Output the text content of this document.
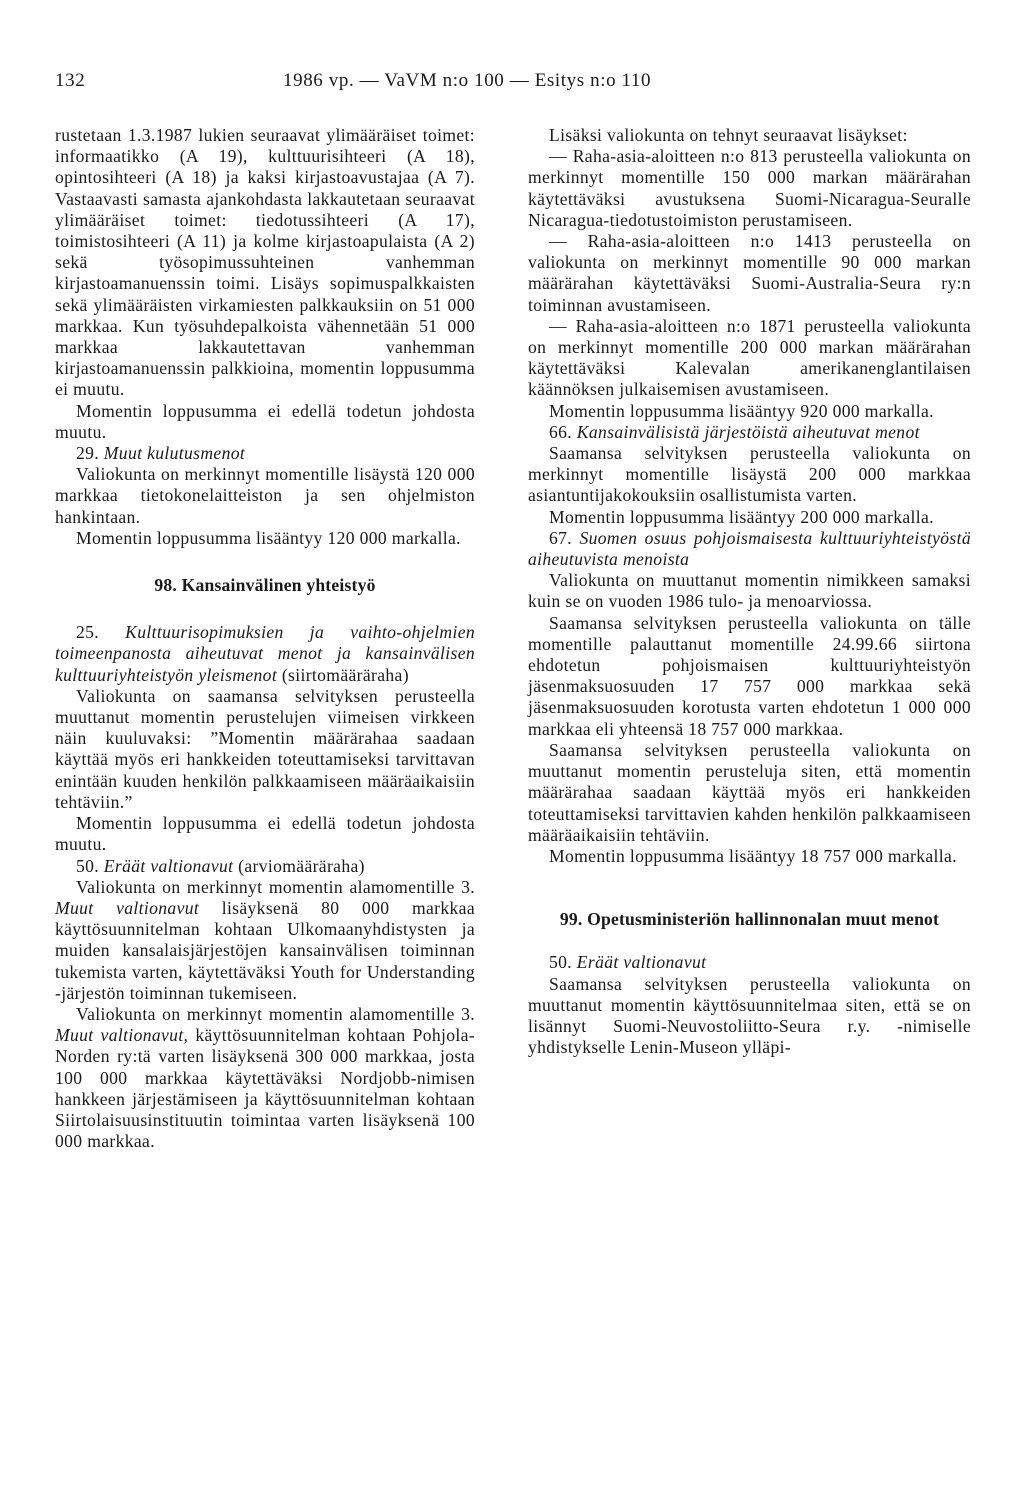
132	1986 vp. — VaVM n:o 100 — Esitys n:o 110

rustetaan 1.3.1987 lukien seuraavat ylimääräiset toimet: informaatikko (A 19), kulttuurisihteeri (A 18), opintosihteeri (A 18) ja kaksi kirjastoavustajaa (A 7). Vastaavasti samasta ajankohdasta lakkautetaan seuraavat ylimääräiset toimet: tiedotussihteeri (A 17), toimistosihteeri (A 11) ja kolme kirjastoapulaista (A 2) sekä työsopimussuhteinen vanhemman kirjastoamanuenssin toimi. Lisäys sopimuspalkkaisten sekä ylimääräisten virkamiesten palkkauksiin on 51 000 markkaa. Kun työsuhdepalkoista vähennetään 51 000 markkaa lakkautettavan vanhemman kirjastoamanuenssin palkkioina, momentin loppusumma ei muutu.

Momentin loppusumma ei edellä todetun johdosta muutu.

29. Muut kulutusmenot

Valiokunta on merkinnyt momentille lisäystä 120 000 markkaa tietokonelaitteiston ja sen ohjelmiston hankintaan.

Momentin loppusumma lisääntyy 120 000 markalla.

98. Kansainvälinen yhteistyö

25. Kulttuurisopimuksien ja vaihto-ohjelmien toimeenpanosta aiheutuvat menot ja kansainvälisen kulttuuriyhteistyön yleismenot (siirtomääräraha)

Valiokunta on saamansa selvityksen perusteella muuttanut momentin perustelujen viimeisen virkkeen näin kuuluvaksi: ”Momentin määrärahaa saadaan käyttää myös eri hankkeiden toteuttamiseksi tarvittavan enintään kuuden henkilön palkkaamiseen määräaikaisiin tehtäviin.”

Momentin loppusumma ei edellä todetun johdosta muutu.

50. Eräät valtionavut (arviomääräraha)

Valiokunta on merkinnyt momentin alamomentille 3. Muut valtionavut lisäyksenä 80 000 markkaa käyttösuunnitelman kohtaan Ulkomaanyhdistysten ja muiden kansalaisjärjestöjen kansainvälisen toiminnan tukemista varten, käytettäväksi Youth for Understanding -järjestön toiminnan tukemiseen.

Valiokunta on merkinnyt momentin alamomentille 3. Muut valtionavut, käyttösuunnitelman kohtaan Pohjola-Norden ry:tä varten lisäyksenä 300 000 markkaa, josta 100 000 markkaa käytettäväksi Nordjobb-nimisen hankkeen järjestämiseen ja käyttösuunnitelman kohtaan Siirtolaisuusinstituutin toimintaa varten lisäyksenä 100 000 markkaa.

Lisäksi valiokunta on tehnyt seuraavat lisäykset:

— Raha-asia-aloitteen n:o 813 perusteella valiokunta on merkinnyt momentille 150 000 markan määrärahan käytettäväksi avustuksena Suomi-Nicaragua-Seuralle Nicaragua-tiedotustoimiston perustamiseen.

— Raha-asia-aloitteen n:o 1413 perusteella on valiokunta on merkinnyt momentille 90 000 markan määrärahan käytettäväksi Suomi-Australia-Seura ry:n toiminnan avustamiseen.

— Raha-asia-aloitteen n:o 1871 perusteella valiokunta on merkinnyt momentille 200 000 markan määrärahan käytettäväksi Kalevalan amerikanenglantilaisen käännöksen julkaisemisen avustamiseen.

Momentin loppusumma lisääntyy 920 000 markalla.

66. Kansainvälisistä järjestöistä aiheutuvat menot

Saamansa selvityksen perusteella valiokunta on merkinnyt momentille lisäystä 200 000 markkaa asiantuntijakokouksiin osallistumista varten.

Momentin loppusumma lisääntyy 200 000 markalla.

67. Suomen osuus pohjoismaisesta kulttuuriyhteistyöstä aiheutuvista menoista

Valiokunta on muuttanut momentin nimikkeen samaksi kuin se on vuoden 1986 tulo- ja menoarviossa.

Saamansa selvityksen perusteella valiokunta on tälle momentille palauttanut momentille 24.99.66 siirtona ehdotetun pohjoismaisen kulttuuriyhteistyön jäsenmaksuosuuden 17 757 000 markkaa sekä jäsenmaksuosuuden korotusta varten ehdotetun 1 000 000 markkaa eli yhteensä 18 757 000 markkaa.

Saamansa selvityksen perusteella valiokunta on muuttanut momentin perusteluja siten, että momentin määrärahaa saadaan käyttää myös eri hankkeiden toteuttamiseksi tarvittavien kahden henkilön palkkaamiseen määräaikaisiin tehtäviin.

Momentin loppusumma lisääntyy 18 757 000 markalla.

99. Opetusministeriön hallinnonalan muut menot

50. Eräät valtionavut

Saamansa selvityksen perusteella valiokunta on muuttanut momentin käyttösuunnitelmaa siten, että se on lisännyt Suomi-Neuvostoliitto-Seura r.y. -nimiselle yhdistykselle Lenin-Museon ylläpi-
